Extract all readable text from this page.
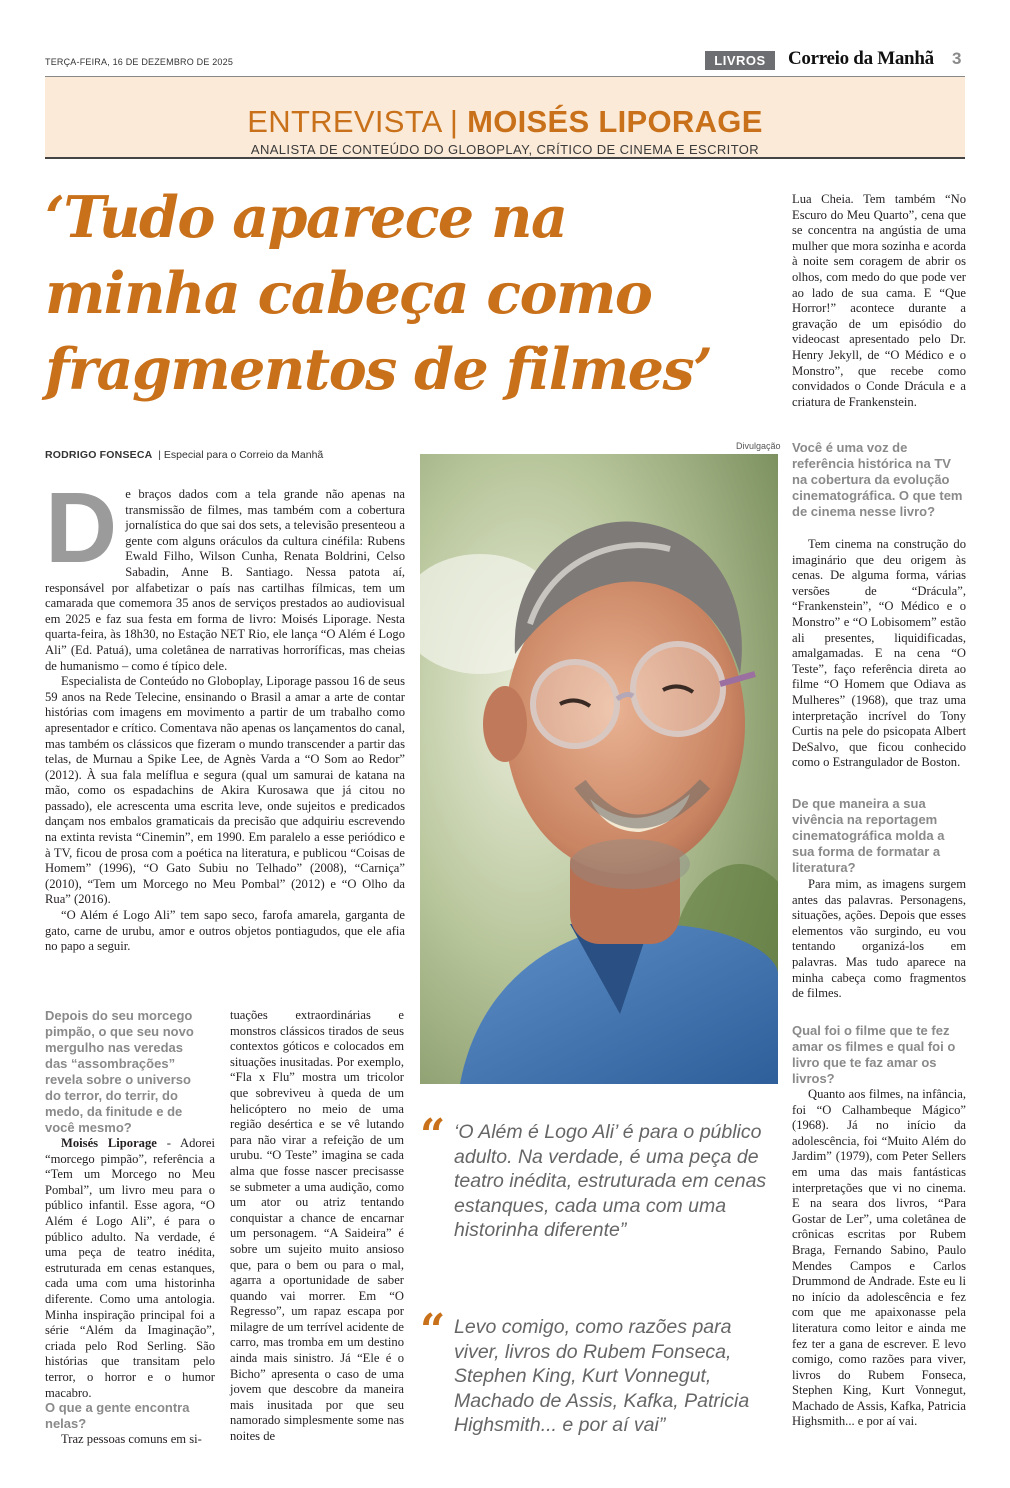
TERÇA-FEIRA, 16 DE DEZEMBRO DE 2025	LIVROS	Correio da Manhã 3
ENTREVISTA | MOISÉS LIPORAGE
ANALISTA DE CONTEÚDO DO GLOBOPLAY, CRÍTICO DE CINEMA E ESCRITOR
‘Tudo aparece na minha cabeça como fragmentos de filmes’
RODRIGO FONSECA | Especial para o Correio da Manhã
Divulgação
D e braços dados com a tela grande não apenas na transmissão de filmes, mas também com a cobertura jornalística do que sai dos sets, a televisão presenteou a gente com alguns oráculos da cultura cinéfila: Rubens Ewald Filho, Wilson Cunha, Renata Boldrini, Celso Sabadin, Anne B. Santiago. Nessa patota aí, responsável por alfabetizar o país nas cartilhas fílmicas, tem um camarada que comemora 35 anos de serviços prestados ao audiovisual em 2025 e faz sua festa em forma de livro: Moisés Liporage. Nesta quarta-feira, às 18h30, no Estação NET Rio, ele lança “O Além é Logo Ali” (Ed. Patuá), uma coletânea de narrativas horroríficas, mas cheias de humanismo – como é típico dele.

Especialista de Conteúdo no Globoplay, Liporage passou 16 de seus 59 anos na Rede Telecine, ensinando o Brasil a amar a arte de contar histórias com imagens em movimento a partir de um trabalho como apresentador e crítico. Comentava não apenas os lançamentos do canal, mas também os clássicos que fizeram o mundo transcender a partir das telas, de Murnau a Spike Lee, de Agnès Varda a “O Som ao Redor” (2012). À sua fala melíflua e segura (qual um samurai de katana na mão, como os espadachins de Akira Kurosawa que já citou no passado), ele acrescenta uma escrita leve, onde sujeitos e predicados dançam nos embalos gramaticais da precisão que adquiriu escrevendo na extinta revista “Cinemin”, em 1990. Em paralelo a esse periódico e à TV, ficou de prosa com a poética na literatura, e publicou “Coisas de Homem” (1996), “O Gato Subiu no Telhado” (2008), “Carniça” (2010), “Tem um Morcego no Meu Pombal” (2012) e “O Olho da Rua” (2016).

“O Além é Logo Ali” tem sapo seco, farofa amarela, garganta de gato, carne de urubu, amor e outros objetos pontiagudos, que ele afia no papo a seguir.

Depois do seu morcego pimpão, o que seu novo mergulho nas veredas das “assombrações” revela sobre o universo do terror, do terrir, do medo, da finitude e de você mesmo?

Moisés Liporage - Adorei “morcego pimpão”, referência a “Tem um Morcego no Meu Pombal”, um livro meu para o público infantil. Esse agora, “O Além é Logo Ali”, é para o público adulto. Na verdade, é uma peça de teatro inédita, estruturada em cenas estanques, cada uma com uma historinha diferente. Como uma antologia. Minha inspiração principal foi a série “Além da Imaginação”, criada pelo Rod Serling. São histórias que transitam pelo terror, o horror e o humor macabro.

O que a gente encontra nelas?

Traz pessoas comuns em si-

tuações extraordinárias e monstros clássicos tirados de seus contextos góticos e colocados em situações inusitadas. Por exemplo, “Fla x Flu” mostra um tricolor que sobreviveu à queda de um helicóptero no meio de uma região desértica e se vê lutando para não virar a refeição de um urubu. “O Teste” imagina se cada alma que fosse nascer precisasse se submeter a uma audição, como um ator ou atriz tentando conquistar a chance de encarnar um personagem. “A Saideira” é sobre um sujeito muito ansioso que, para o bem ou para o mal, agarra a oportunidade de saber quando vai morrer. Em “O Regresso”, um rapaz escapa por milagre de um terrível acidente de carro, mas tromba em um destino ainda mais sinistro. Já “Ele é o Bicho” apresenta o caso de uma jovem que descobre da maneira mais inusitada por que seu namorado simplesmente some nas noites de

“ ‘O Além é Logo Ali’ é para o público adulto. Na verdade, é uma peça de teatro inédita, estruturada em cenas estanques, cada uma com uma historinha diferente”
“ Levo comigo, como razões para viver, livros do Rubem Fonseca, Stephen King, Kurt Vonnegut, Machado de Assis, Kafka, Patricia Highsmith... e por aí vai”

Lua Cheia. Tem também “No Escuro do Meu Quarto”, cena que se concentra na angústia de uma mulher que mora sozinha e acorda à noite sem coragem de abrir os olhos, com medo do que pode ver ao lado de sua cama. E “Que Horror!” acontece durante a gravação de um episódio do videocast apresentado pelo Dr. Henry Jekyll, de “O Médico e o Monstro”, que recebe como convidados o Conde Drácula e a criatura de Frankenstein.

Você é uma voz de referência histórica na TV na cobertura da evolução cinematográfica. O que tem de cinema nesse livro?

Tem cinema na construção do imaginário que deu origem às cenas. De alguma forma, várias versões de “Drácula”, “Frankenstein”, “O Médico e o Monstro” e “O Lobisomem” estão ali presentes, liquidificadas, amalgamadas. E na cena “O Teste”, faço referência direta ao filme “O Homem que Odiava as Mulheres” (1968), que traz uma interpretação incrível do Tony Curtis na pele do psicopata Albert DeSalvo, que ficou conhecido como o Estrangulador de Boston.

De que maneira a sua vivência na reportagem cinematográfica molda a sua forma de formatar a literatura?

Para mim, as imagens surgem antes das palavras. Personagens, situações, ações. Depois que esses elementos vão surgindo, eu vou tentando organizá-los em palavras. Mas tudo aparece na minha cabeça como fragmentos de filmes.

Qual foi o filme que te fez amar os filmes e qual foi o livro que te faz amar os livros?

Quanto aos filmes, na infância, foi “O Calhambeque Mágico” (1968). Já no início da adolescência, foi “Muito Além do Jardim” (1979), com Peter Sellers em uma das mais fantásticas interpretações que vi no cinema. E na seara dos livros, “Para Gostar de Ler”, uma coletânea de crônicas escritas por Rubem Braga, Fernando Sabino, Paulo Mendes Campos e Carlos Drummond de Andrade. Este eu li no início da adolescência e fez com que me apaixonasse pela literatura como leitor e ainda me fez ter a gana de escrever. E levo comigo, como razões para viver, livros do Rubem Fonseca, Stephen King, Kurt Vonnegut, Machado de Assis, Kafka, Patricia Highsmith... e por aí vai.
